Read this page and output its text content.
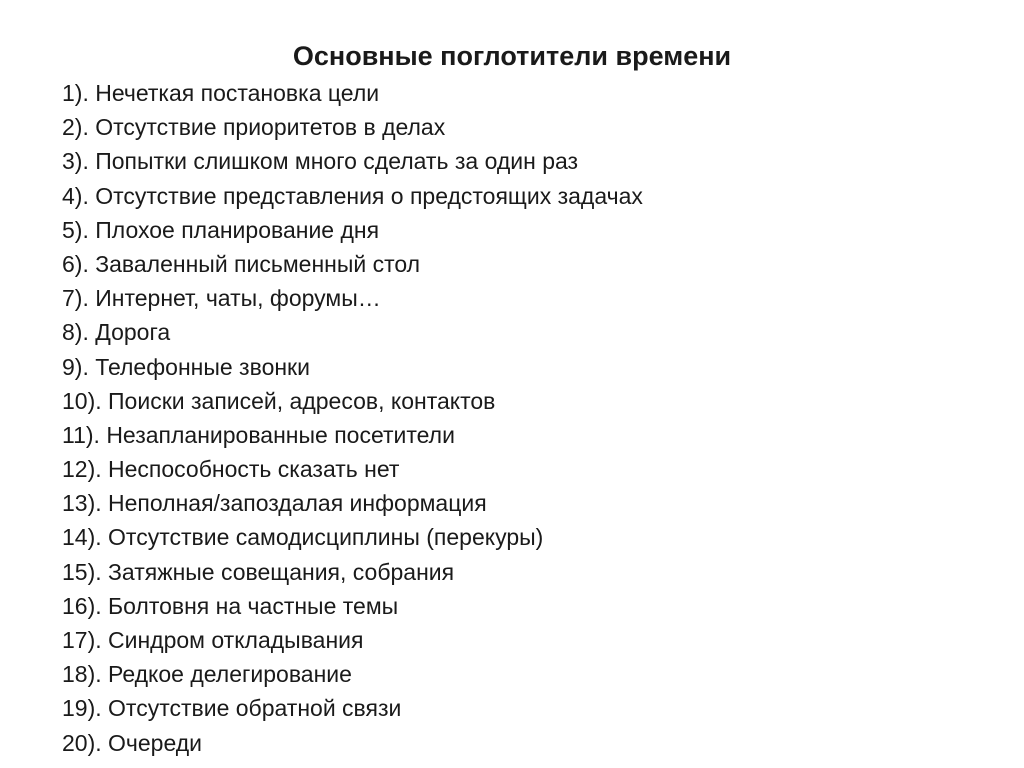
Основные поглотители времени
1). Нечеткая постановка цели
2). Отсутствие приоритетов в делах
3). Попытки слишком много сделать за один раз
4). Отсутствие представления о предстоящих задачах
5). Плохое планирование дня
6). Заваленный письменный стол
7). Интернет, чаты, форумы…
8). Дорога
9). Телефонные звонки
10). Поиски записей, адресов, контактов
11). Незапланированные посетители
12). Неспособность сказать нет
13). Неполная/запоздалая информация
14). Отсутствие самодисциплины (перекуры)
15). Затяжные совещания, собрания
16). Болтовня на частные темы
17). Синдром откладывания
18). Редкое делегирование
19). Отсутствие обратной связи
20). Очереди
